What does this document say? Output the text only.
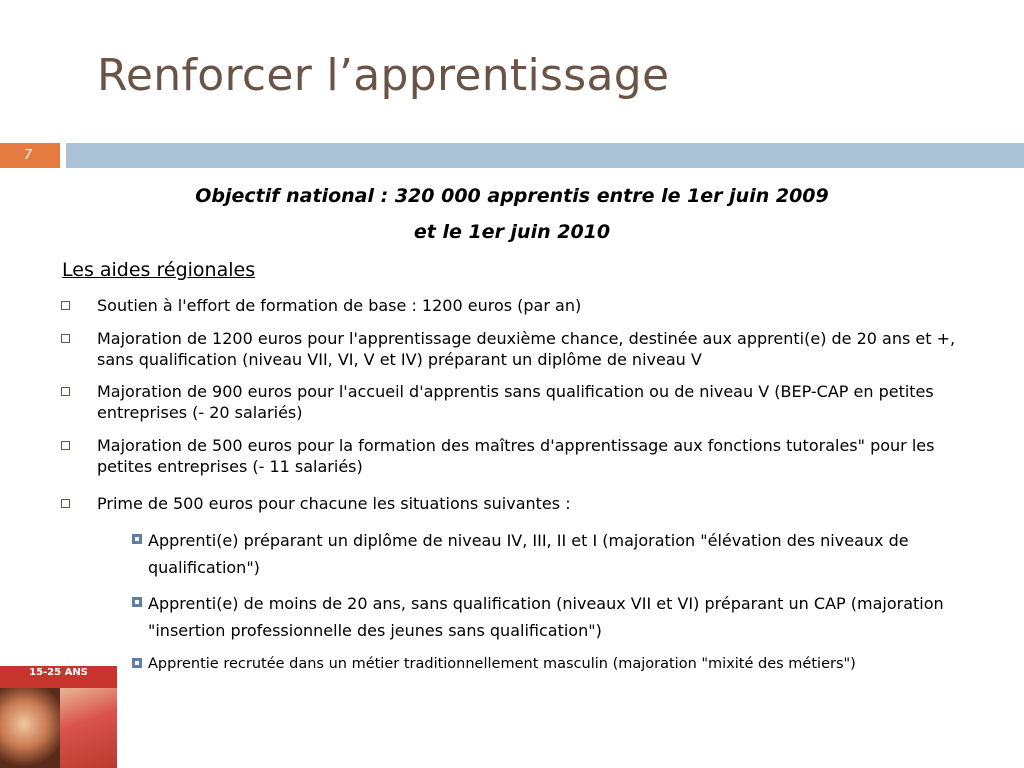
Renforcer l’apprentissage
7
Objectif national : 320 000 apprentis entre le 1er juin 2009
et le 1er juin 2010
Les aides régionales
Soutien à l'effort de formation de base : 1200 euros (par an)
Majoration de 1200 euros pour l'apprentissage deuxième chance, destinée aux apprenti(e) de 20 ans et +, sans qualification (niveau VII, VI, V et IV) préparant un diplôme de niveau V
Majoration de 900 euros pour l'accueil d'apprentis sans qualification ou de niveau V (BEP-CAP en petites entreprises (- 20 salariés)
Majoration de 500 euros pour la formation des maîtres d'apprentissage aux fonctions tutorales" pour les petites entreprises (- 11 salariés)
Prime de 500 euros pour chacune les situations suivantes :
Apprenti(e) préparant un diplôme de niveau IV, III, II et I (majoration "élévation des niveaux de qualification")
Apprenti(e) de moins de 20 ans, sans qualification (niveaux VII et VI) préparant un CAP (majoration "insertion professionnelle des jeunes sans qualification")
Apprentie recrutée dans un métier traditionnellement masculin (majoration "mixité des métiers")
15-25 ANS
